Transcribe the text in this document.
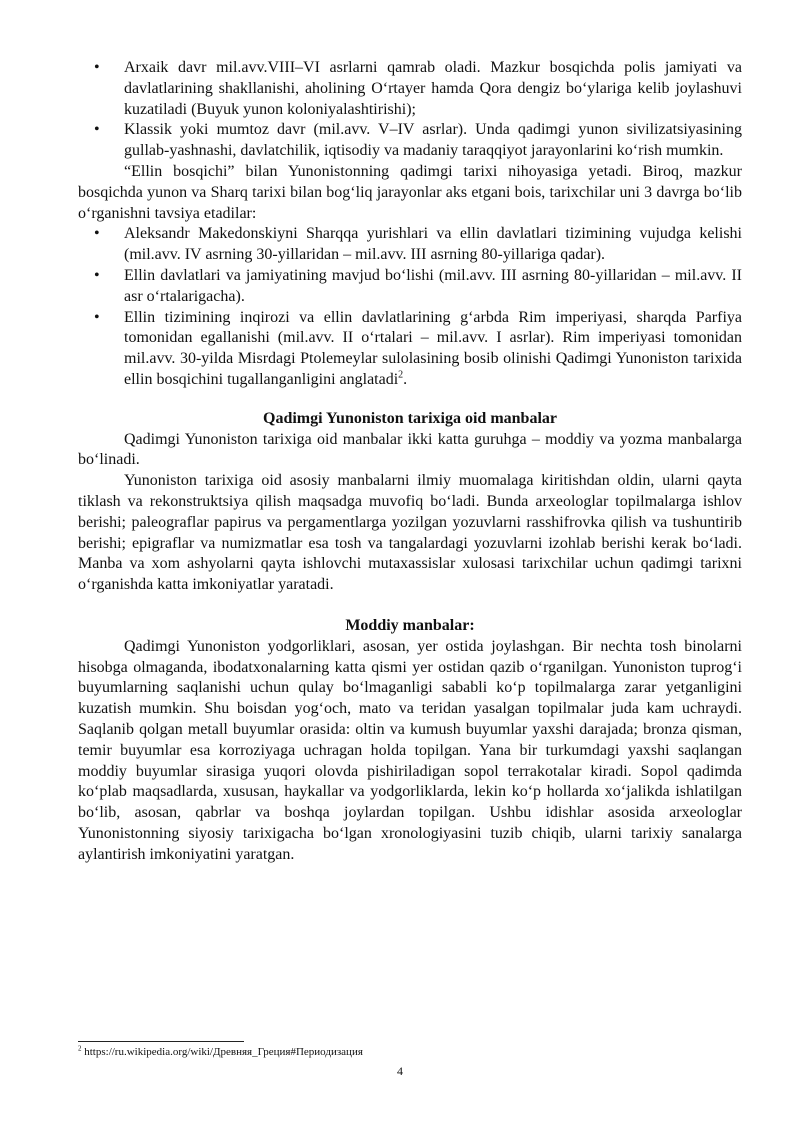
• Arxaik davr mil.avv.VIII–VI asrlarni qamrab oladi. Mazkur bosqichda polis jamiyati va davlatlarining shakllanishi, aholining O‘rtayer hamda Qora dengiz bo‘ylariga kelib joylashuvi kuzatiladi (Buyuk yunon koloniyalashtirishi);
• Klassik yoki mumtoz davr (mil.avv. V–IV asrlar). Unda qadimgi yunon sivilizatsiyasining gullab-yashnashi, davlatchilik, iqtisodiy va madaniy taraqqiyot jarayonlarini ko‘rish mumkin.

“Ellin bosqichi” bilan Yunonistonning qadimgi tarixi nihoyasiga yetadi. Biroq, mazkur bosqichda yunon va Sharq tarixi bilan bog‘liq jarayonlar aks etgani bois, tarixchilar uni 3 davrga bo‘lib o‘rganishni tavsiya etadilar:

• Aleksandr Makedonskiyni Sharqqa yurishlari va ellin davlatlari tizimining vujudga kelishi (mil.avv. IV asrning 30-yillaridan – mil.avv. III asrning 80-yillariga qadar).
• Ellin davlatlari va jamiyatining mavjud bo‘lishi (mil.avv. III asrning 80-yillaridan – mil.avv. II asr o‘rtalarigacha).
• Ellin tizimining inqirozi va ellin davlatlarining g‘arbda Rim imperiyasi, sharqda Parfiya tomonidan egallanishi (mil.avv. II o‘rtalari – mil.avv. I asrlar). Rim imperiyasi tomonidan mil.avv. 30-yilda Misrdagi Ptolemeylar sulolasining bosib olinishi Qadimgi Yunoniston tarixida ellin bosqichini tugallanganligini anglatadi$^2$.
Qadimgi Yunoniston tarixiga oid manbalar

Qadimgi Yunoniston tarixiga oid manbalar ikki katta guruhga – moddiy va yozma manbalarga bo‘linadi.

Yunoniston tarixiga oid asosiy manbalarni ilmiy muomalaga kiritishdan oldin, ularni qayta tiklash va rekonstruktsiya qilish maqsadga muvofiq bo‘ladi. Bunda arxeologlar topilmalarga ishlov berishi; paleograflar papirus va pergamentlarga yozilgan yozuvlarni rasshifrovka qilish va tushuntirib berishi; epigraflar va numizmatlar esa tosh va tangalardagi yozuvlarni izohlab berishi kerak bo‘ladi. Manba va xom ashyolarni qayta ishlovchi mutaxassislar xulosasi tarixchilar uchun qadimgi tarixni o‘rganishda katta imkoniyatlar yaratadi.

Moddiy manbalar:

Qadimgi Yunoniston yodgorliklari, asosan, yer ostida joylashgan. Bir nechta tosh binolarni hisobga olmaganda, ibodatxonalarning katta qismi yer ostidan qazib o‘rganilgan. Yunoniston tuprog‘i buyumlarning saqlanishi uchun qulay bo‘lmaganligi sababli ko‘p topilmalarga zarar yetganligini kuzatish mumkin. Shu boisdan yog‘och, mato va teridan yasalgan topilmalar juda kam uchraydi. Saqlanib qolgan metall buyumlar orasida: oltin va kumush buyumlar yaxshi darajada; bronza qisman, temir buyumlar esa korroziyaga uchragan holda topilgan. Yana bir turkumdagi yaxshi saqlangan moddiy buyumlar sirasiga yuqori olovda pishiriladigan sopol terrakotalar kiradi. Sopol qadimda ko‘plab maqsadlarda, xususan, haykallar va yodgorliklarda, lekin ko‘p hollarda xo‘jalikda ishlatilgan bo‘lib, asosan, qabrlar va boshqa joylardan topilgan. Ushbu idishlar asosida arxeologlar Yunonistonning siyosiy tarixigacha bo‘lgan xronologiyasini tuzib chiqib, ularni tarixiy sanalarga aylantirish imkoniyatini yaratgan.

$^2$ https://ru.wikipedia.org/wiki/Древняя_Греция#Периодизация
4
